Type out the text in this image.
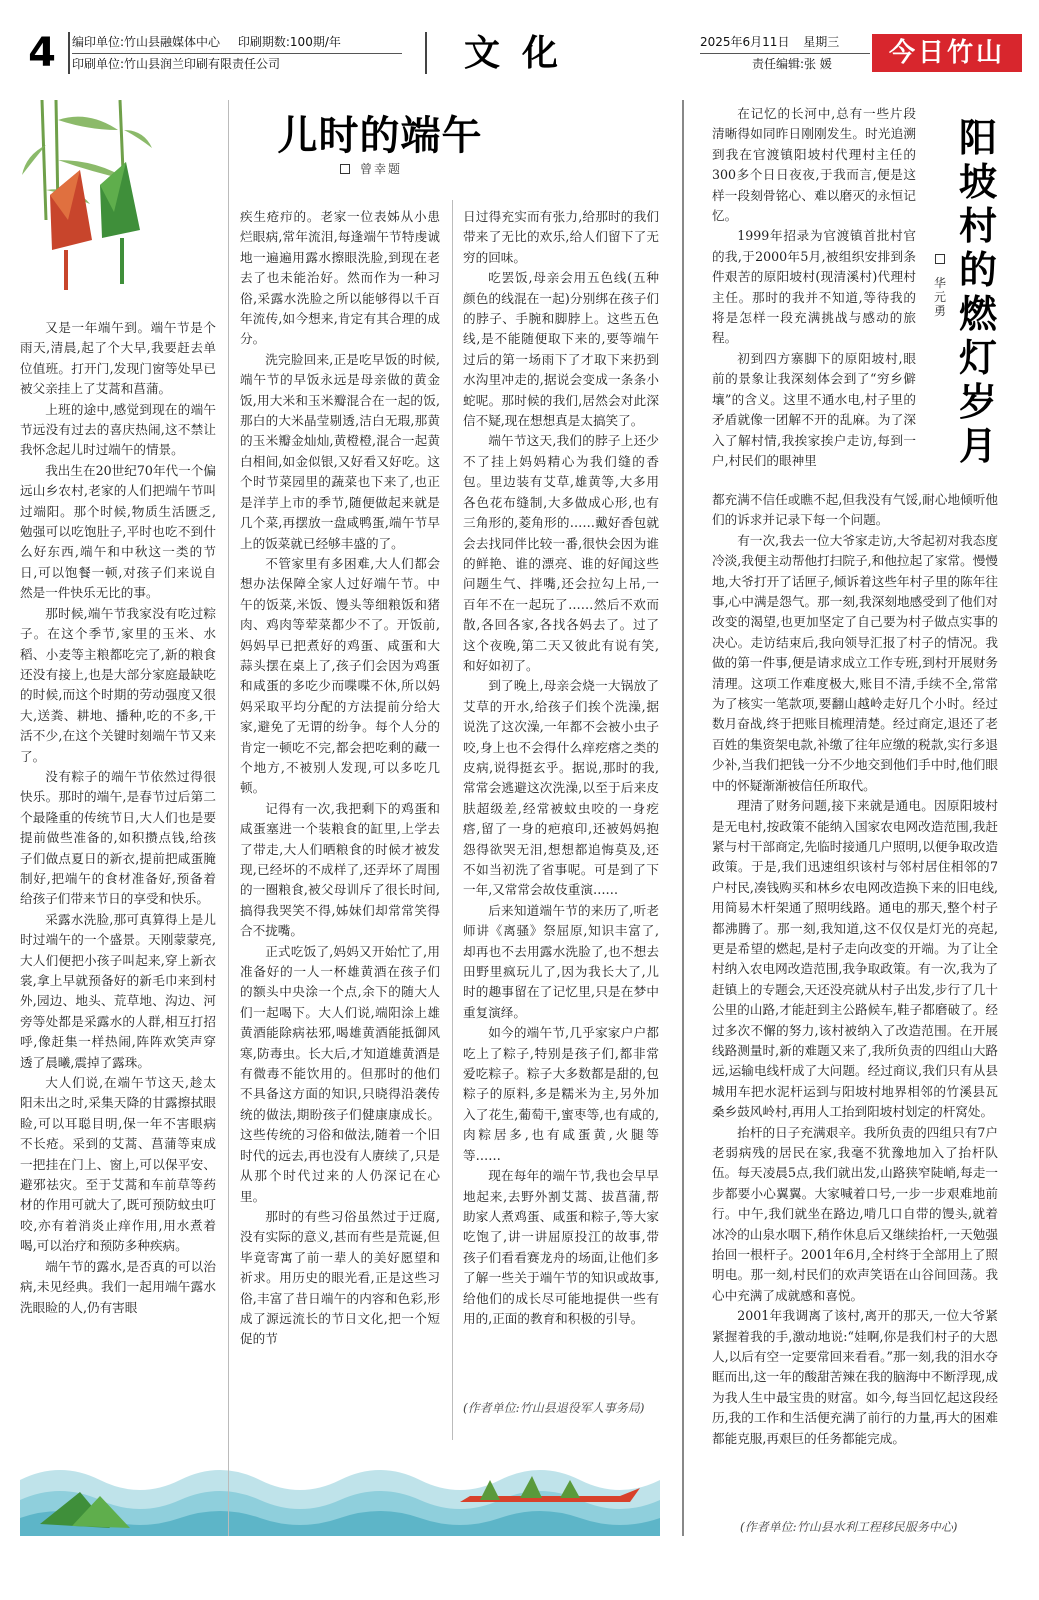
4	编印单位:竹山县融媒体中心 印刷期数:100期/年
印刷单位:竹山县润兰印刷有限责任公司	文化	2025年6月11日 星期三
责任编辑:张 媛	今日竹山
儿时的端午
曾幸题

又是一年端午到。端午节是个雨天,清晨,起了个大早,我要赶去单位值班。打开门,发现门窗等处早已被父亲挂上了艾蒿和菖蒲。

上班的途中,感觉到现在的端午节远没有过去的喜庆热闹,这不禁让我怀念起儿时过端午的情景。

我出生在20世纪70年代一个偏远山乡农村,老家的人们把端午节叫过端阳。那个时候,物质生活匮乏,勉强可以吃饱肚子,平时也吃不到什么好东西,端午和中秋这一类的节日,可以饱餐一顿,对孩子们来说自然是一件快乐无比的事。

那时候,端午节我家没有吃过粽子。在这个季节,家里的玉米、水稻、小麦等主粮都吃完了,新的粮食还没有接上,也是大部分家庭最缺吃的时候,而这个时期的劳动强度又很大,送粪、耕地、播种,吃的不多,干活不少,在这个关键时刻端午节又来了。

没有粽子的端午节依然过得很快乐。那时的端午,是春节过后第二个最隆重的传统节日,大人们也是要提前做些准备的,如积攒点钱,给孩子们做点夏日的新衣,提前把咸蛋腌制好,把端午的食材准备好,预备着给孩子们带来节日的享受和快乐。

采露水洗脸,那可真算得上是儿时过端午的一个盛景。天刚蒙蒙亮,大人们便把小孩子叫起来,穿上新衣裳,拿上早就预备好的新毛巾来到村外,园边、地头、荒草地、沟边、河旁等处都是采露水的人群,相互打招呼,像赶集一样热闹,阵阵欢笑声穿透了晨曦,震掉了露珠。

大人们说,在端午节这天,趁太阳未出之时,采集天降的甘露擦拭眼睑,可以耳聪目明,保一年不害眼病不长疮。采到的艾蒿、菖蒲等束成一把挂在门上、窗上,可以保平安、避邪祛灾。至于艾蒿和车前草等药材的作用可就大了,既可预防蚊虫叮咬,亦有着消炎止痒作用,用水煮着喝,可以治疗和预防多种疾病。

端午节的露水,是否真的可以治病,未见经典。我们一起用端午露水洗眼睑的人,仍有害眼

疾生疮疖的。老家一位表姊从小患烂眼病,常年流泪,每逢端午节特虔诚地一遍遍用露水擦眼洗脸,到现在老去了也未能治好。然而作为一种习俗,采露水洗脸之所以能够得以千百年流传,如今想来,肯定有其合理的成分。

洗完脸回来,正是吃早饭的时候,端午节的早饭永远是母亲做的黄金饭,用大米和玉米瓣混合在一起的饭,那白的大米晶莹剔透,洁白无瑕,那黄的玉米瓣金灿灿,黄橙橙,混合一起黄白相间,如金似银,又好看又好吃。这个时节菜园里的蔬菜也下来了,也正是洋芋上市的季节,随便做起来就是几个菜,再摆放一盘咸鸭蛋,端午节早上的饭菜就已经够丰盛的了。

不管家里有多困难,大人们都会想办法保障全家人过好端午节。中午的饭菜,米饭、馒头等细粮饭和猪肉、鸡肉等荤菜都少不了。开饭前,妈妈早已把煮好的鸡蛋、咸蛋和大蒜头摆在桌上了,孩子们会因为鸡蛋和咸蛋的多吃少而喋喋不休,所以妈妈采取平均分配的方法提前分给大家,避免了无谓的纷争。每个人分的肯定一顿吃不完,都会把吃剩的藏一个地方,不被别人发现,可以多吃几顿。

记得有一次,我把剩下的鸡蛋和咸蛋塞进一个装粮食的缸里,上学去了带走,大人们晒粮食的时候才被发现,已经坏的不成样了,还弄坏了周围的一圈粮食,被父母训斥了很长时间,搞得我哭笑不得,姊妹们却常常笑得合不拢嘴。

正式吃饭了,妈妈又开始忙了,用准备好的一人一杯雄黄酒在孩子们的额头中央涂一个点,余下的随大人们一起喝下。大人们说,端阳涂上雄黄酒能除病祛邪,喝雄黄酒能抵御风寒,防毒虫。长大后,才知道雄黄酒是有微毒不能饮用的。但那时的他们不具备这方面的知识,只晓得沿袭传统的做法,期盼孩子们健康康成长。这些传统的习俗和做法,随着一个旧时代的远去,再也没有人赓续了,只是从那个时代过来的人仍深记在心里。

那时的有些习俗虽然过于迂腐,没有实际的意义,甚而有些是荒诞,但毕竟寄寓了前一辈人的美好愿望和祈求。用历史的眼光看,正是这些习俗,丰富了昔日端午的内容和色彩,形成了源远流长的节日文化,把一个短促的节

日过得充实而有张力,给那时的我们带来了无比的欢乐,给人们留下了无穷的回味。

吃罢饭,母亲会用五色线(五种颜色的线混在一起)分别绑在孩子们的脖子、手腕和脚脖上。这些五色线,是不能随便取下来的,要等端午过后的第一场雨下了才取下来扔到水沟里冲走的,据说会变成一条条小蛇呢。那时候的我们,居然会对此深信不疑,现在想想真是太搞笑了。

端午节这天,我们的脖子上还少不了挂上妈妈精心为我们缝的香包。里边装有艾草,雄黄等,大多用各色花布缝制,大多做成心形,也有三角形的,菱角形的……戴好香包就会去找同伴比较一番,很快会因为谁的鲜艳、谁的漂亮、谁的好闻这些问题生气、拌嘴,还会拉勾上吊,一百年不在一起玩了……然后不欢而散,各回各家,各找各妈去了。过了这个夜晚,第二天又彼此有说有笑,和好如初了。

到了晚上,母亲会烧一大锅放了艾草的开水,给孩子们挨个洗澡,据说洗了这次澡,一年都不会被小虫子咬,身上也不会得什么痒疙瘩之类的皮病,说得挺玄乎。据说,那时的我,常常会逃避这次洗澡,以至于后来皮肤超级差,经常被蚊虫咬的一身疙瘩,留了一身的疤痕印,还被妈妈抱怨得欲哭无泪,想想都追悔莫及,还不如当初洗了省事呢。可是到了下一年,又常常会故伎重演……

后来知道端午节的来历了,听老师讲《离骚》祭屈原,知识丰富了,却再也不去用露水洗脸了,也不想去田野里疯玩儿了,因为我长大了,儿时的趣事留在了记忆里,只是在梦中重复演绎。

如今的端午节,几乎家家户户都吃上了粽子,特别是孩子们,都非常爱吃粽子。粽子大多数都是甜的,包粽子的原料,多是糯米为主,另外加入了花生,葡萄干,蜜枣等,也有咸的,肉粽居多,也有咸蛋黄,火腿等等……

现在每年的端午节,我也会早早地起来,去野外割艾蒿、拔菖蒲,帮助家人煮鸡蛋、咸蛋和粽子,等大家吃饱了,讲一讲屈原投江的故事,带孩子们看看赛龙舟的场面,让他们多了解一些关于端午节的知识或故事,给他们的成长尽可能地提供一些有用的,正面的教育和积极的引导。

(作者单位:竹山县退役军人事务局)

在记忆的长河中,总有一些片段清晰得如同昨日刚刚发生。时光追溯到我在官渡镇阳坡村代理村主任的300多个日日夜夜,于我而言,便是这样一段刻骨铭心、难以磨灭的永恒记忆。

1999年招录为官渡镇首批村官的我,于2000年5月,被组织安排到条件艰苦的原阳坡村(现清溪村)代理村主任。那时的我并不知道,等待我的将是怎样一段充满挑战与感动的旅程。

初到四方寨脚下的原阳坡村,眼前的景象让我深刻体会到了“穷乡僻壤”的含义。这里不通水电,村子里的矛盾就像一团解不开的乱麻。为了深入了解村情,我挨家挨户走访,每到一户,村民们的眼神里

华元勇
阳坡村的燃灯岁月

都充满不信任或瞧不起,但我没有气馁,耐心地倾听他们的诉求并记录下每一个问题。

有一次,我去一位大爷家走访,大爷起初对我态度冷淡,我便主动帮他打扫院子,和他拉起了家常。慢慢地,大爷打开了话匣子,倾诉着这些年村子里的陈年往事,心中满是怨气。那一刻,我深刻地感受到了他们对改变的渴望,也更加坚定了自己要为村子做点实事的决心。走访结束后,我向领导汇报了村子的情况。我做的第一件事,便是请求成立工作专班,到村开展财务清理。这项工作难度极大,账目不清,手续不全,常常为了核实一笔款项,要翻山越岭走好几个小时。经过数月奋战,终于把账目梳理清楚。经过商定,退还了老百姓的集资架电款,补缴了往年应缴的税款,实行多退少补,当我们把钱一分不少地交到他们手中时,他们眼中的怀疑渐渐被信任所取代。

理清了财务问题,接下来就是通电。因原阳坡村是无电村,按政策不能纳入国家农电网改造范围,我赶紧与村干部商定,先临时接通几户照明,以便争取改造政策。于是,我们迅速组织该村与邻村居住相邻的7户村民,凑钱购买和林乡农电网改造换下来的旧电线,用简易木杆架通了照明线路。通电的那天,整个村子都沸腾了。那一刻,我知道,这不仅仅是灯光的亮起,更是希望的燃起,是村子走向改变的开端。为了让全村纳入农电网改造范围,我争取政策。有一次,我为了赶镇上的专题会,天还没亮就从村子出发,步行了几十公里的山路,才能赶到主公路候车,鞋子都磨破了。经过多次不懈的努力,该村被纳入了改造范围。在开展线路测量时,新的难题又来了,我所负责的四组山大路远,运输电线杆成了大问题。经过商议,我们只有从县城用车把水泥杆运到与阳坡村地界相邻的竹溪县瓦桑乡鼓风岭村,再用人工抬到阳坡村划定的杆窝处。

抬杆的日子充满艰辛。我所负责的四组只有7户老弱病残的居民在家,我毫不犹豫地加入了抬杆队伍。每天凌晨5点,我们就出发,山路狭窄陡峭,每走一步都要小心翼翼。大家喊着口号,一步一步艰难地前行。中午,我们就坐在路边,啃几口自带的馒头,就着冰冷的山泉水咽下,稍作休息后又继续抬杆,一天勉强抬回一根杆子。2001年6月,全村终于全部用上了照明电。那一刻,村民们的欢声笑语在山谷间回荡。我心中充满了成就感和喜悦。

2001年我调离了该村,离开的那天,一位大爷紧紧握着我的手,激动地说:“娃啊,你是我们村子的大恩人,以后有空一定要常回来看看。”那一刻,我的泪水夺眶而出,这一年的酸甜苦辣在我的脑海中不断浮现,成为我人生中最宝贵的财富。如今,每当回忆起这段经历,我的工作和生活便充满了前行的力量,再大的困难都能克服,再艰巨的任务都能完成。

(作者单位:竹山县水利工程移民服务中心)
